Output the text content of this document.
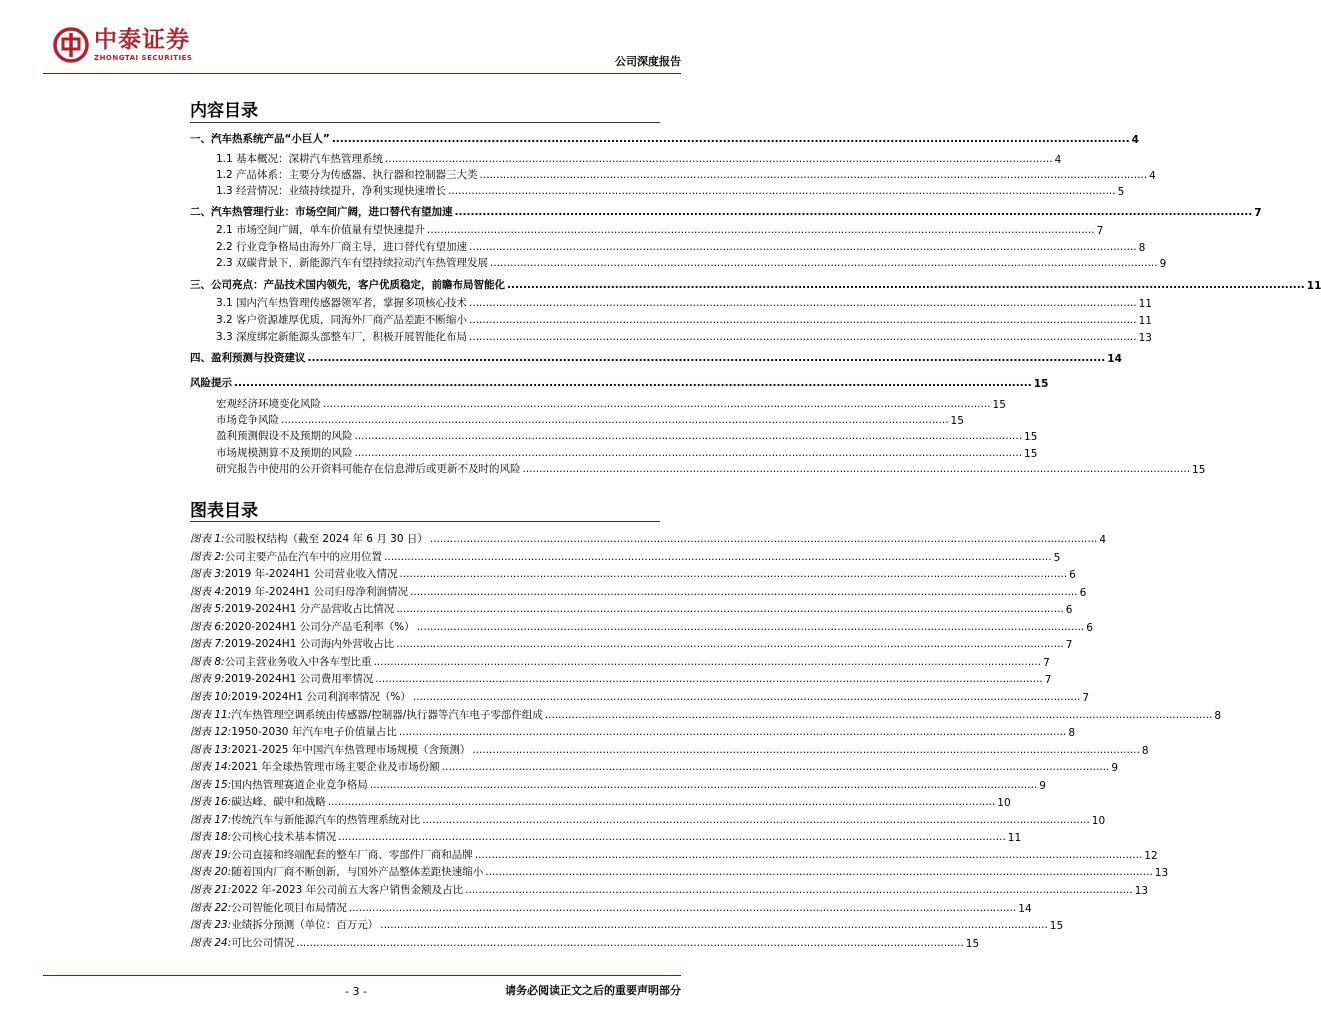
中泰证券
ZHONGTAI SECURITIES	公司深度报告
内容目录
一、汽车热系统产品“小巨人” ........................................................................................................................................................................................................ 4
1.1 基本概况：深耕汽车热管理系统 ........................................................................................................................................................................................................ 4
1.2 产品体系：主要分为传感器、执行器和控制器三大类 ........................................................................................................................................................................................................ 4
1.3 经营情况：业绩持续提升，净利实现快速增长 ........................................................................................................................................................................................................ 5
二、汽车热管理行业：市场空间广阔，进口替代有望加速 ........................................................................................................................................................................................................ 7
2.1 市场空间广阔，单车价值量有望快速提升 ........................................................................................................................................................................................................ 7
2.2 行业竞争格局由海外厂商主导，进口替代有望加速 ........................................................................................................................................................................................................ 8
2.3 双碳背景下，新能源汽车有望持续拉动汽车热管理发展 ........................................................................................................................................................................................................ 9
三、公司亮点：产品技术国内领先，客户优质稳定，前瞻布局智能化 ........................................................................................................................................................................................................ 11
3.1 国内汽车热管理传感器领军者，掌握多项核心技术 ........................................................................................................................................................................................................ 11
3.2 客户资源雄厚优质，同海外厂商产品差距不断缩小 ........................................................................................................................................................................................................ 11
3.3 深度绑定新能源头部整车厂，积极开展智能化布局 ........................................................................................................................................................................................................ 13
四、盈利预测与投资建议 ........................................................................................................................................................................................................ 14
风险提示 ........................................................................................................................................................................................................ 15
宏观经济环境变化风险 ........................................................................................................................................................................................................ 15
市场竞争风险 ........................................................................................................................................................................................................ 15
盈利预测假设不及预期的风险 ........................................................................................................................................................................................................ 15
市场规模测算不及预期的风险 ........................................................................................................................................................................................................ 15
研究报告中使用的公开资料可能存在信息滞后或更新不及时的风险 ........................................................................................................................................................................................................ 15
图表目录
图表 1: 公司股权结构（截至 2024 年 6 月 30 日） ........................................................................................................................................................................................................ 4
图表 2: 公司主要产品在汽车中的应用位置 ........................................................................................................................................................................................................ 5
图表 3: 2019 年-2024H1 公司营业收入情况 ........................................................................................................................................................................................................ 6
图表 4: 2019 年-2024H1 公司归母净利润情况 ........................................................................................................................................................................................................ 6
图表 5: 2019-2024H1 分产品营收占比情况 ........................................................................................................................................................................................................ 6
图表 6: 2020-2024H1 公司分产品毛利率（%） ........................................................................................................................................................................................................ 6
图表 7: 2019-2024H1 公司海内外营收占比 ........................................................................................................................................................................................................ 7
图表 8: 公司主营业务收入中各车型比重 ........................................................................................................................................................................................................ 7
图表 9: 2019-2024H1 公司费用率情况 ........................................................................................................................................................................................................ 7
图表 10: 2019-2024H1 公司利润率情况（%） ........................................................................................................................................................................................................ 7
图表 11: 汽车热管理空调系统由传感器/控制器/执行器等汽车电子零部件组成 ........................................................................................................................................................................................................ 8
图表 12: 1950-2030 年汽车电子价值量占比 ........................................................................................................................................................................................................ 8
图表 13: 2021-2025 年中国汽车热管理市场规模（含预测） ........................................................................................................................................................................................................ 8
图表 14: 2021 年全球热管理市场主要企业及市场份额 ........................................................................................................................................................................................................ 9
图表 15: 国内热管理赛道企业竞争格局 ........................................................................................................................................................................................................ 9
图表 16: 碳达峰、碳中和战略 ........................................................................................................................................................................................................ 10
图表 17: 传统汽车与新能源汽车的热管理系统对比 ........................................................................................................................................................................................................ 10
图表 18: 公司核心技术基本情况 ........................................................................................................................................................................................................ 11
图表 19: 公司直接和终端配套的整车厂商、零部件厂商和品牌 ........................................................................................................................................................................................................ 12
图表 20: 随着国内厂商不断创新，与国外产品整体差距快速缩小 ........................................................................................................................................................................................................ 13
图表 21: 2022 年-2023 年公司前五大客户销售金额及占比 ........................................................................................................................................................................................................ 13
图表 22: 公司智能化项目布局情况 ........................................................................................................................................................................................................ 14
图表 23: 业绩拆分预测（单位：百万元） ........................................................................................................................................................................................................ 15
图表 24: 可比公司情况 ........................................................................................................................................................................................................ 15
- 3 -	请务必阅读正文之后的重要声明部分
